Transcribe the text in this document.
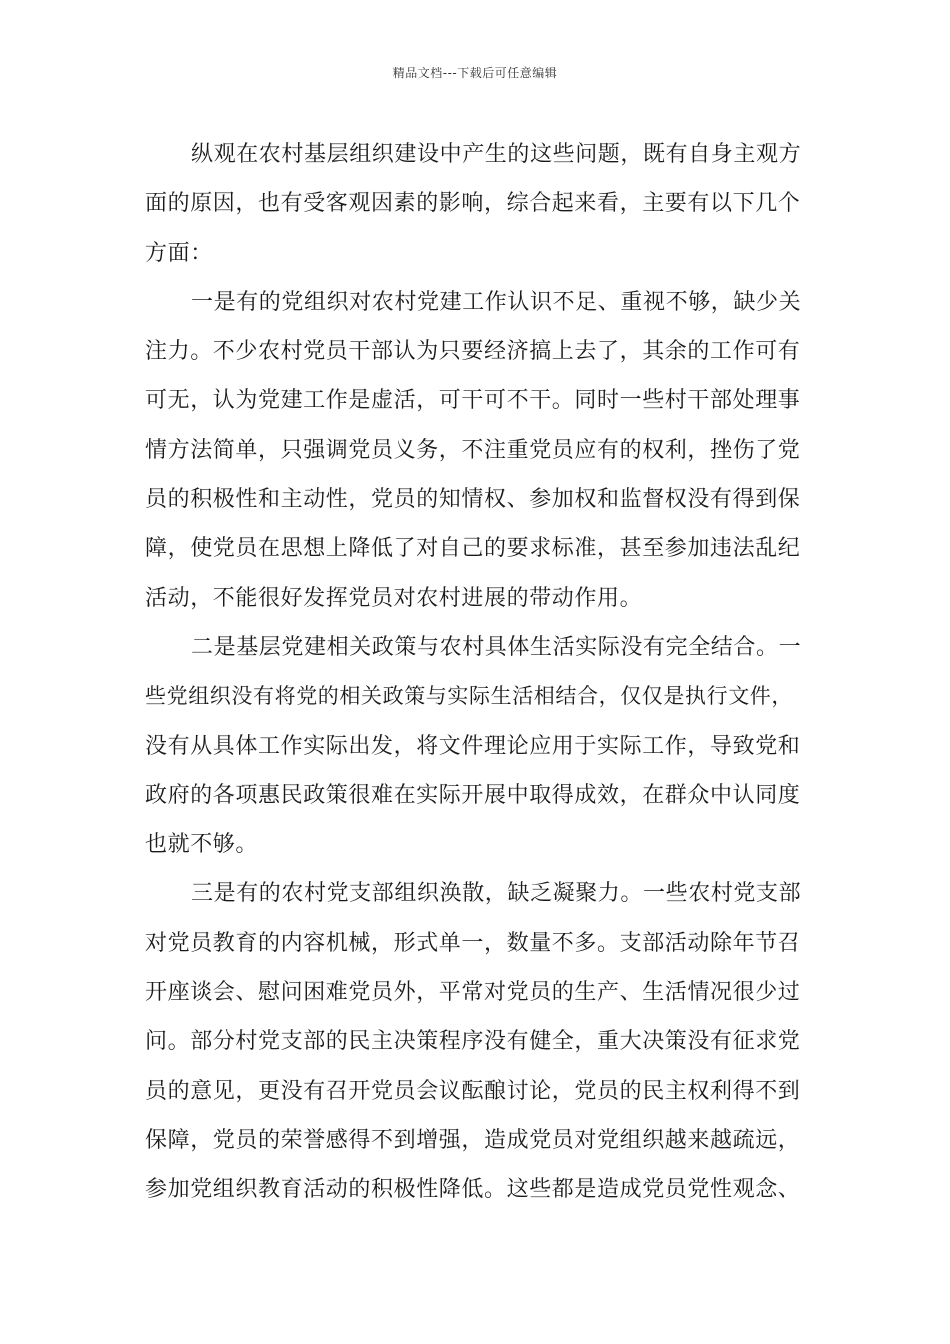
精品文档---下载后可任意编辑
纵观在农村基层组织建设中产生的这些问题，既有自身主观方
面的原因，也有受客观因素的影响，综合起来看，主要有以下几个
方面：
一是有的党组织对农村党建工作认识不足、重视不够，缺少关
注力。不少农村党员干部认为只要经济搞上去了，其余的工作可有
可无，认为党建工作是虚活，可干可不干。同时一些村干部处理事
情方法简单，只强调党员义务，不注重党员应有的权利，挫伤了党
员的积极性和主动性，党员的知情权、参加权和监督权没有得到保
障，使党员在思想上降低了对自己的要求标准，甚至参加违法乱纪
活动，不能很好发挥党员对农村进展的带动作用。
二是基层党建相关政策与农村具体生活实际没有完全结合。一
些党组织没有将党的相关政策与实际生活相结合，仅仅是执行文件，
没有从具体工作实际出发，将文件理论应用于实际工作，导致党和
政府的各项惠民政策很难在实际开展中取得成效，在群众中认同度
也就不够。
三是有的农村党支部组织涣散，缺乏凝聚力。一些农村党支部
对党员教育的内容机械，形式单一，数量不多。支部活动除年节召
开座谈会、慰问困难党员外，平常对党员的生产、生活情况很少过
问。部分村党支部的民主决策程序没有健全，重大决策没有征求党
员的意见，更没有召开党员会议酝酿讨论，党员的民主权利得不到
保障，党员的荣誉感得不到增强，造成党员对党组织越来越疏远，
参加党组织教育活动的积极性降低。这些都是造成党员党性观念、
